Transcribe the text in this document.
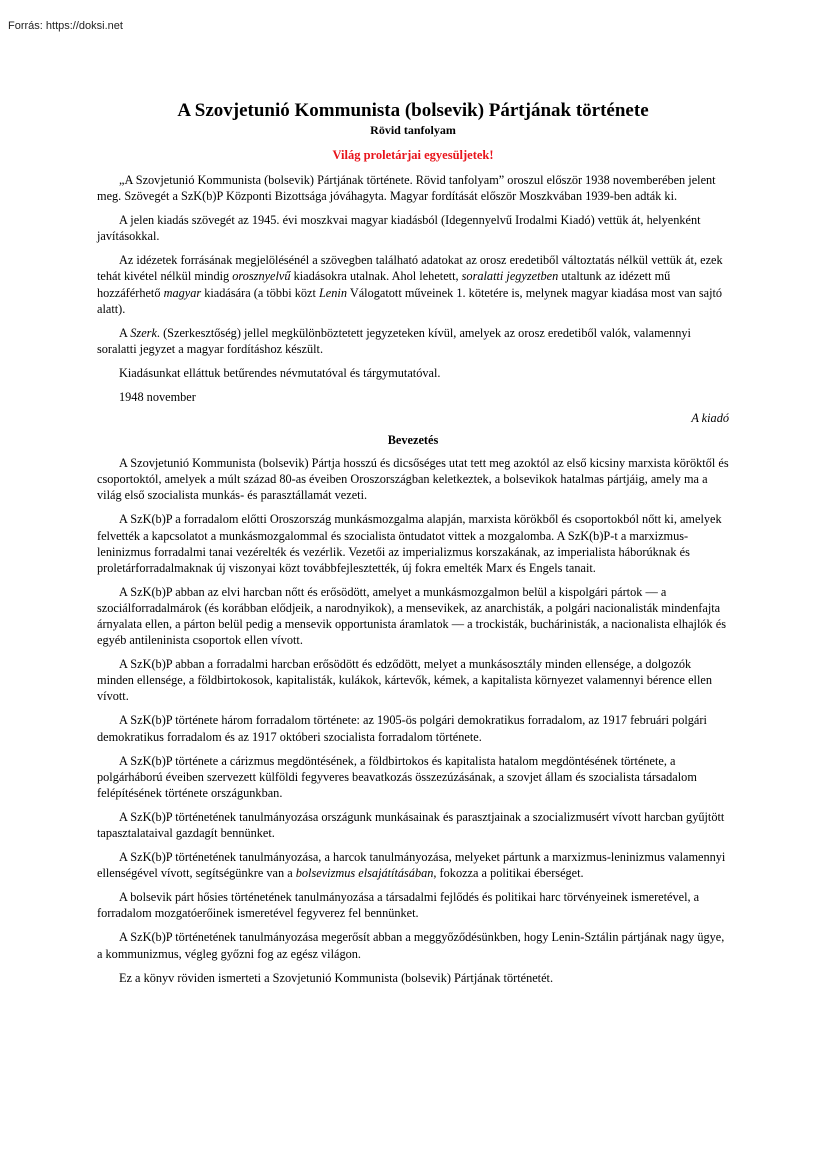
Forrás: https://doksi.net
A Szovjetunió Kommunista (bolsevik) Pártjának története
Rövid tanfolyam
Világ proletárjai egyesüljetek!

„A Szovjetunió Kommunista (bolsevik) Pártjának története. Rövid tanfolyam” oroszul először 1938 novemberében jelent meg. Szövegét a SzK(b)P Központi Bizottsága jóváhagyta. Magyar fordítását először Moszkvában 1939-ben adták ki.

A jelen kiadás szövegét az 1945. évi moszkvai magyar kiadásból (Idegennyelvű Irodalmi Kiadó) vettük át, helyenként javításokkal.

Az idézetek forrásának megjelölésénél a szövegben található adatokat az orosz eredetiből változtatás nélkül vettük át, ezek tehát kivétel nélkül mindig orosznyelvű kiadásokra utalnak. Ahol lehetett, soralatti jegyzetben utaltunk az idézett mű hozzáférhető magyar kiadására (a többi közt Lenin Válogatott műveinek 1. kötetére is, melynek magyar kiadása most van sajtó alatt).

A Szerk. (Szerkesztőség) jellel megkülönböztetett jegyzeteken kívül, amelyek az orosz eredetiből valók, valamennyi soralatti jegyzet a magyar fordításhoz készült.

Kiadásunkat elláttuk betűrendes névmutatóval és tárgymutatóval.

1948 november

A kiadó
Bevezetés

A Szovjetunió Kommunista (bolsevik) Pártja hosszú és dicsőséges utat tett meg azoktól az első kicsiny marxista köröktől és csoportoktól, amelyek a múlt század 80-as éveiben Oroszországban keletkeztek, a bolsevikok hatalmas pártjáig, amely ma a világ első szocialista munkás- és parasztállamát vezeti.

A SzK(b)P a forradalom előtti Oroszország munkásmozgalma alapján, marxista körökből és csoportokból nőtt ki, amelyek felvették a kapcsolatot a munkásmozgalommal és szocialista öntudatot vittek a mozgalomba. A SzK(b)P-t a marxizmus-leninizmus forradalmi tanai vezérelték és vezérlik. Vezetői az imperializmus korszakának, az imperialista háborúknak és proletárforradalmaknak új viszonyai közt továbbfejlesztették, új fokra emelték Marx és Engels tanait.

A SzK(b)P abban az elvi harcban nőtt és erősödött, amelyet a munkásmozgalmon belül a kispolgári pártok — a szociálforradalmárok (és korábban elődjeik, a narodnyikok), a mensevikek, az anarchisták, a polgári nacionalisták mindenfajta árnyalata ellen, a párton belül pedig a mensevik opportunista áramlatok — a trockisták, buchárinisták, a nacionalista elhajlók és egyéb antileninista csoportok ellen vívott.

A SzK(b)P abban a forradalmi harcban erősödött és edződött, melyet a munkásosztály minden ellensége, a dolgozók minden ellensége, a földbirtokosok, kapitalisták, kulákok, kártevők, kémek, a kapitalista környezet valamennyi bérence ellen vívott.

A SzK(b)P története három forradalom története: az 1905-ös polgári demokratikus forradalom, az 1917 februári polgári demokratikus forradalom és az 1917 októberi szocialista forradalom története.

A SzK(b)P története a cárizmus megdöntésének, a földbirtokos és kapitalista hatalom megdöntésének története, a polgárháború éveiben szervezett külföldi fegyveres beavatkozás összezúzásának, a szovjet állam és szocialista társadalom felépítésének története országunkban.

A SzK(b)P történetének tanulmányozása országunk munkásainak és parasztjainak a szocializmusért vívott harcban gyűjtött tapasztalataival gazdagít bennünket.

A SzK(b)P történetének tanulmányozása, a harcok tanulmányozása, melyeket pártunk a marxizmus-leninizmus valamennyi ellenségével vívott, segítségünkre van a bolsevizmus elsajátításában, fokozza a politikai éberséget.

A bolsevik párt hősies történetének tanulmányozása a társadalmi fejlődés és politikai harc törvényeinek ismeretével, a forradalom mozgatóerőinek ismeretével fegyverez fel bennünket.

A SzK(b)P történetének tanulmányozása megerősít abban a meggyőződésünkben, hogy Lenin-Sztálin pártjának nagy ügye, a kommunizmus, végleg győzni fog az egész világon.

Ez a könyv röviden ismerteti a Szovjetunió Kommunista (bolsevik) Pártjának történetét.
